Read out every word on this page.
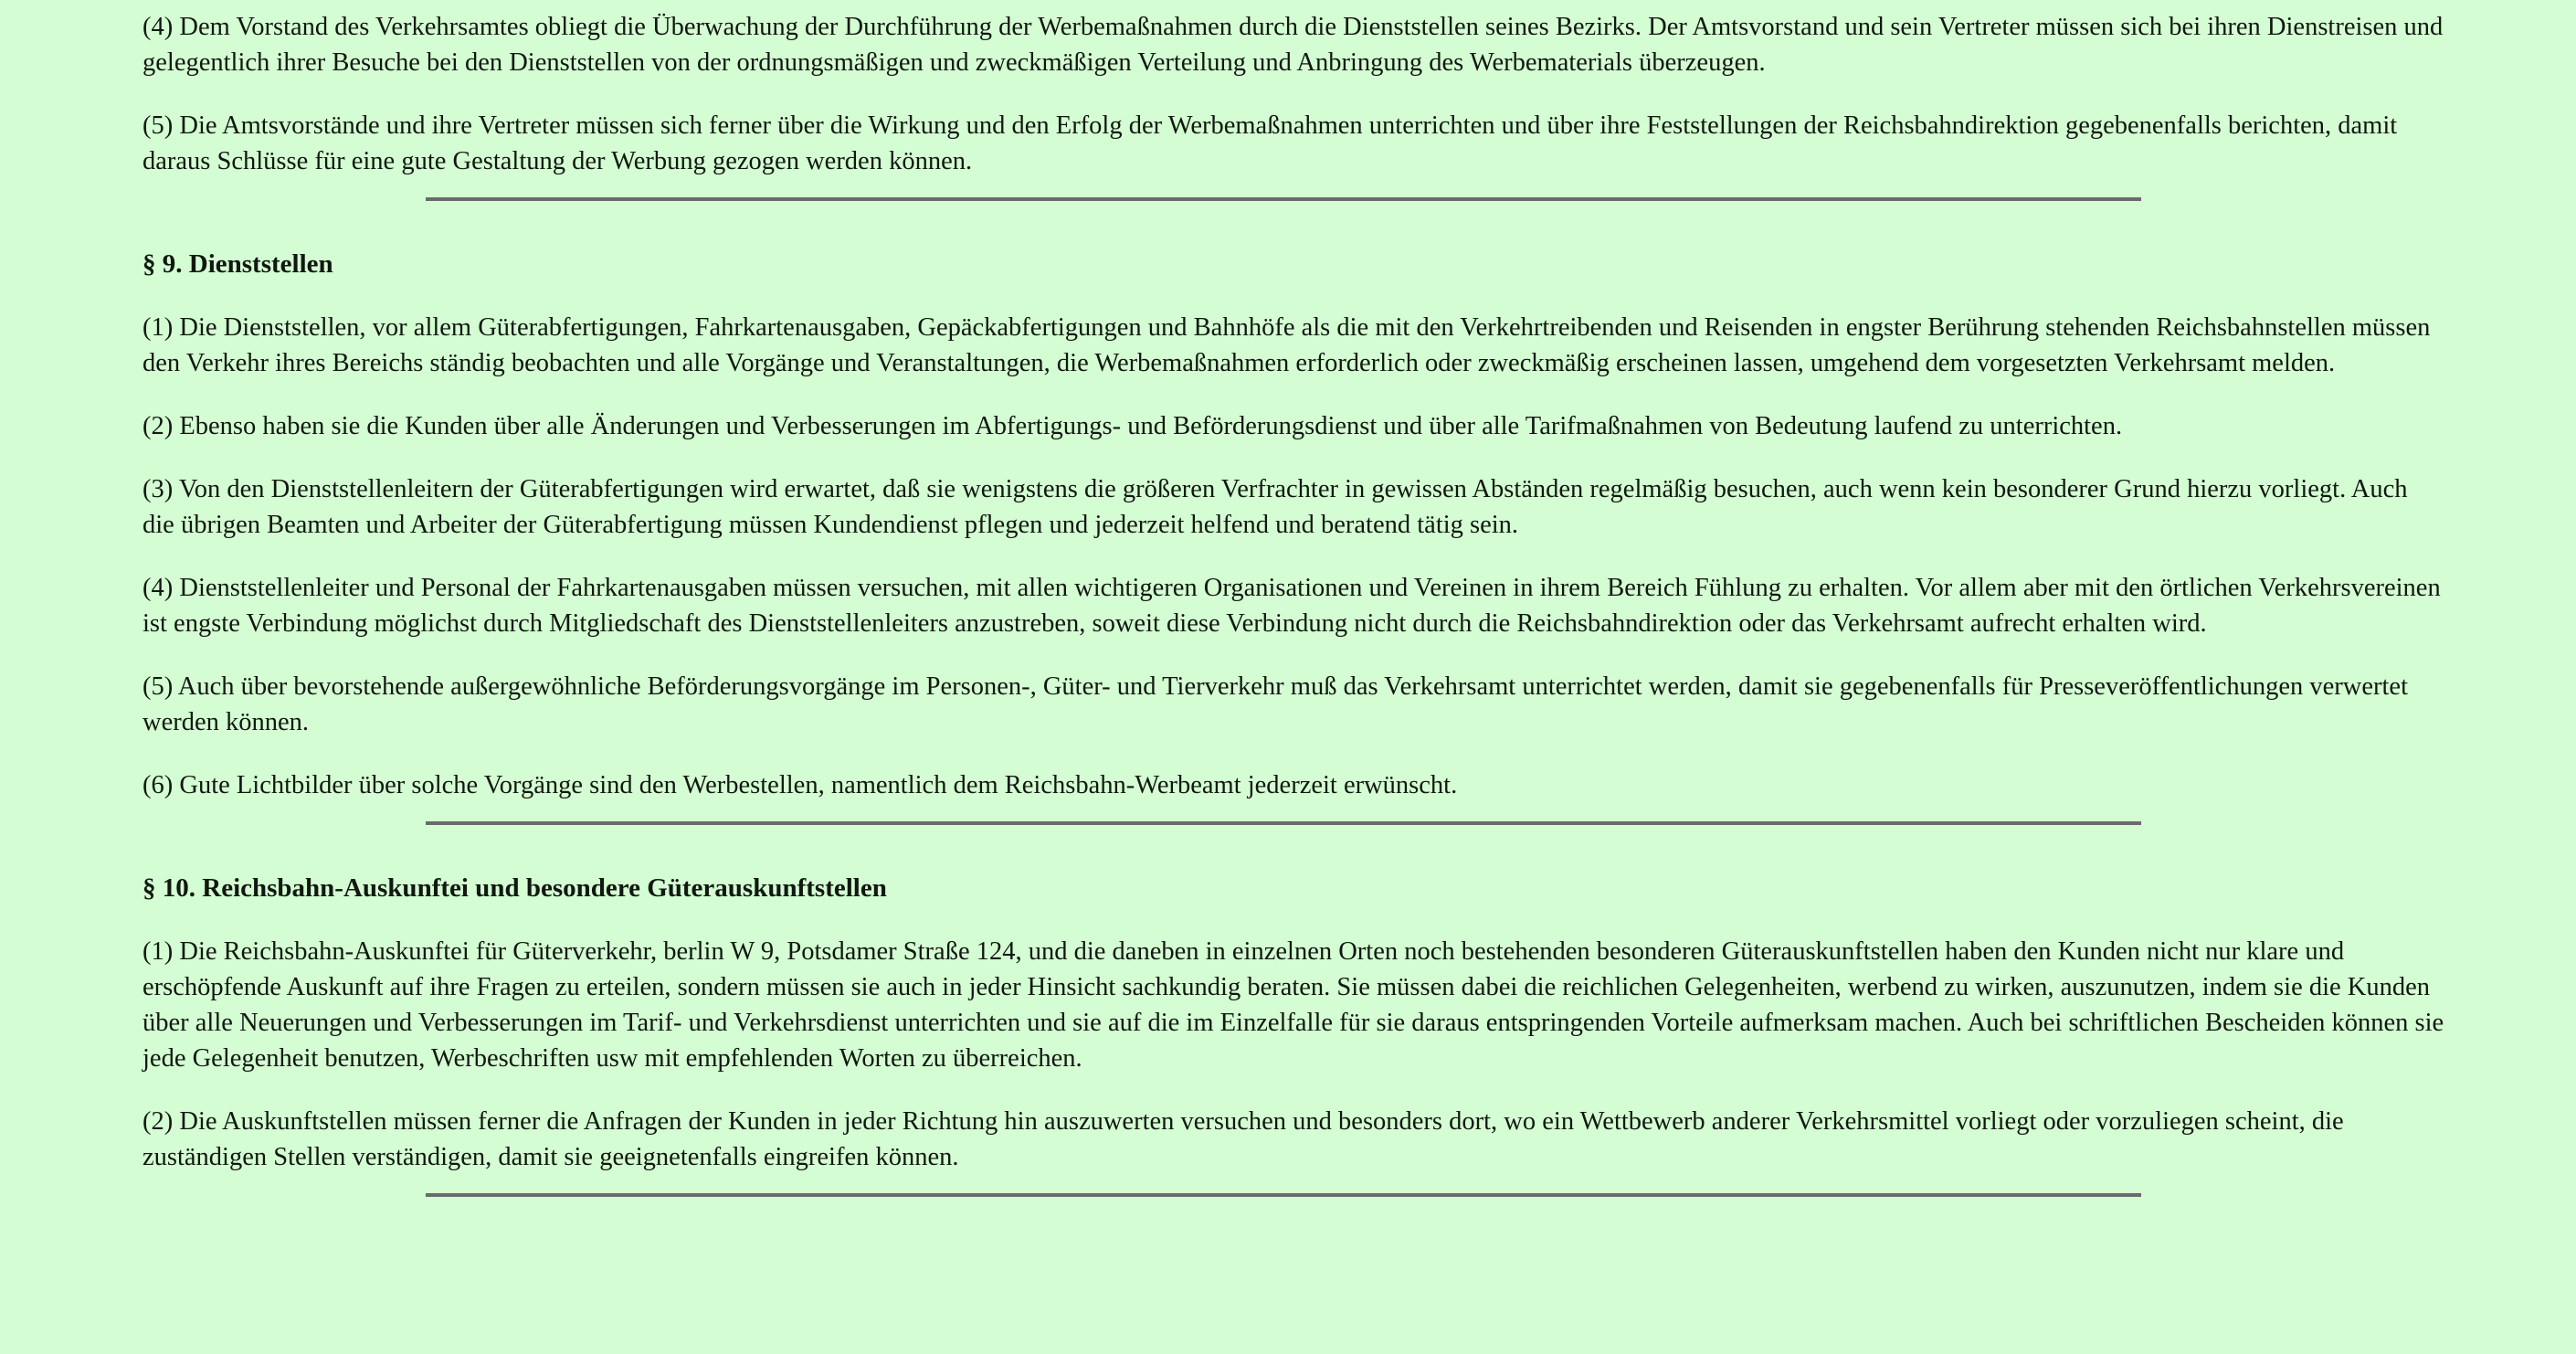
(4) Dem Vorstand des Verkehrsamtes obliegt die Überwachung der Durchführung der Werbemaßnahmen durch die Dienststellen seines Bezirks. Der Amtsvorstand und sein Vertreter müssen sich bei ihren Dienstreisen und gelegentlich ihrer Besuche bei den Dienststellen von der ordnungsmäßigen und zweckmäßigen Verteilung und Anbringung des Werbematerials überzeugen.

(5) Die Amtsvorstände und ihre Vertreter müssen sich ferner über die Wirkung und den Erfolg der Werbemaßnahmen unterrichten und über ihre Feststellungen der Reichsbahndirektion gegebenenfalls berichten, damit daraus Schlüsse für eine gute Gestaltung der Werbung gezogen werden können.

§ 9. Dienststellen

(1) Die Dienststellen, vor allem Güterabfertigungen, Fahrkartenausgaben, Gepäckabfertigungen und Bahnhöfe als die mit den Verkehrtreibenden und Reisenden in engster Berührung stehenden Reichsbahnstellen müssen den Verkehr ihres Bereichs ständig beobachten und alle Vorgänge und Veranstaltungen, die Werbemaßnahmen erforderlich oder zweckmäßig erscheinen lassen, umgehend dem vorgesetzten Verkehrsamt melden.

(2) Ebenso haben sie die Kunden über alle Änderungen und Verbesserungen im Abfertigungs- und Beförderungsdienst und über alle Tarifmaßnahmen von Bedeutung laufend zu unterrichten.

(3) Von den Dienststellenleitern der Güterabfertigungen wird erwartet, daß sie wenigstens die größeren Verfrachter in gewissen Abständen regelmäßig besuchen, auch wenn kein besonderer Grund hierzu vorliegt. Auch die übrigen Beamten und Arbeiter der Güterabfertigung müssen Kundendienst pflegen und jederzeit helfend und beratend tätig sein.

(4) Dienststellenleiter und Personal der Fahrkartenausgaben müssen versuchen, mit allen wichtigeren Organisationen und Vereinen in ihrem Bereich Fühlung zu erhalten. Vor allem aber mit den örtlichen Verkehrsvereinen ist engste Verbindung möglichst durch Mitgliedschaft des Dienststellenleiters anzustreben, soweit diese Verbindung nicht durch die Reichsbahndirektion oder das Verkehrsamt aufrecht erhalten wird.

(5) Auch über bevorstehende außergewöhnliche Beförderungsvorgänge im Personen-, Güter- und Tierverkehr muß das Verkehrsamt unterrichtet werden, damit sie gegebenenfalls für Presseveröffentlichungen verwertet werden können.

(6) Gute Lichtbilder über solche Vorgänge sind den Werbestellen, namentlich dem Reichsbahn-Werbeamt jederzeit erwünscht.

§ 10. Reichsbahn-Auskunftei und besondere Güterauskunftstellen

(1) Die Reichsbahn-Auskunftei für Güterverkehr, berlin W 9, Potsdamer Straße 124, und die daneben in einzelnen Orten noch bestehenden besonderen Güterauskunftstellen haben den Kunden nicht nur klare und erschöpfende Auskunft auf ihre Fragen zu erteilen, sondern müssen sie auch in jeder Hinsicht sachkundig beraten. Sie müssen dabei die reichlichen Gelegenheiten, werbend zu wirken, auszunutzen, indem sie die Kunden über alle Neuerungen und Verbesserungen im Tarif- und Verkehrsdienst unterrichten und sie auf die im Einzelfalle für sie daraus entspringenden Vorteile aufmerksam machen. Auch bei schriftlichen Bescheiden können sie jede Gelegenheit benutzen, Werbeschriften usw mit empfehlenden Worten zu überreichen.

(2) Die Auskunftstellen müssen ferner die Anfragen der Kunden in jeder Richtung hin auszuwerten versuchen und besonders dort, wo ein Wettbewerb anderer Verkehrsmittel vorliegt oder vorzuliegen scheint, die zuständigen Stellen verständigen, damit sie geeignetenfalls eingreifen können.
